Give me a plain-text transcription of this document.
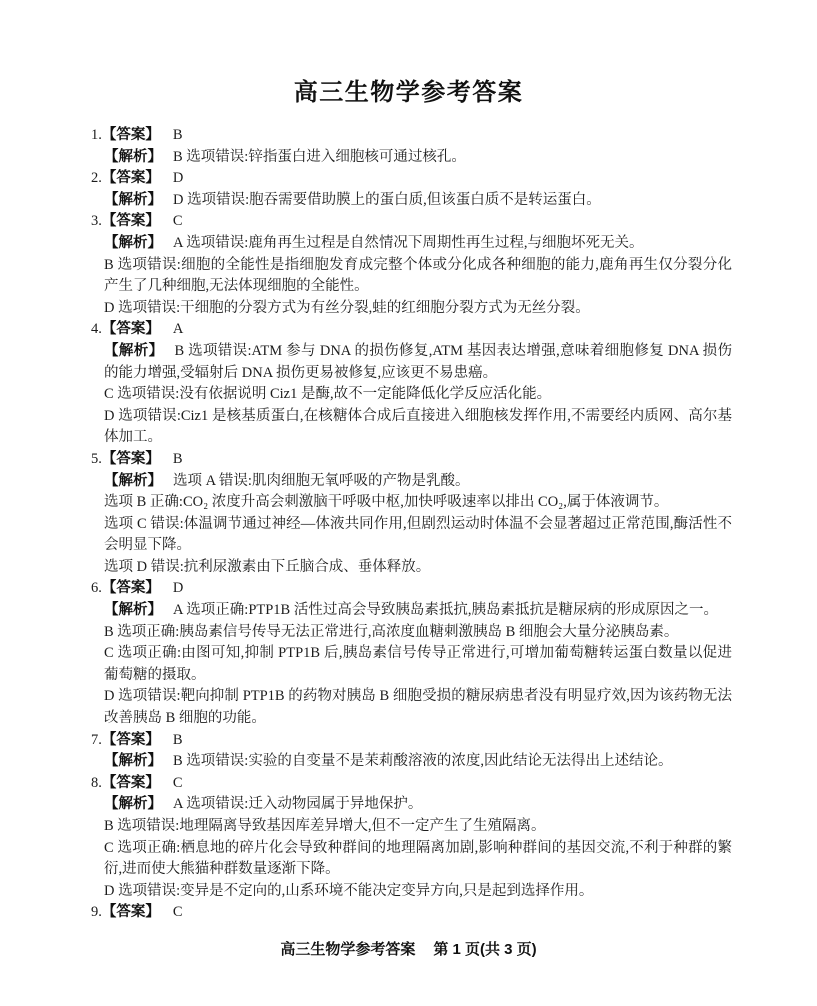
高三生物学参考答案
1.【答案】 B

【解析】 B 选项错误:锌指蛋白进入细胞核可通过核孔。

2.【答案】 D

【解析】 D 选项错误:胞吞需要借助膜上的蛋白质,但该蛋白质不是转运蛋白。

3.【答案】 C

【解析】 A 选项错误:鹿角再生过程是自然情况下周期性再生过程,与细胞坏死无关。

B 选项错误:细胞的全能性是指细胞发育成完整个体或分化成各种细胞的能力,鹿角再生仅分裂分化产生了几种细胞,无法体现细胞的全能性。

D 选项错误:干细胞的分裂方式为有丝分裂,蛙的红细胞分裂方式为无丝分裂。

4.【答案】 A

【解析】 B 选项错误:ATM 参与 DNA 的损伤修复,ATM 基因表达增强,意味着细胞修复 DNA 损伤的能力增强,受辐射后 DNA 损伤更易被修复,应该更不易患癌。

C 选项错误:没有依据说明 Ciz1 是酶,故不一定能降低化学反应活化能。

D 选项错误:Ciz1 是核基质蛋白,在核糖体合成后直接进入细胞核发挥作用,不需要经内质网、高尔基体加工。

5.【答案】 B

【解析】 选项 A 错误:肌肉细胞无氧呼吸的产物是乳酸。

选项 B 正确:CO₂ 浓度升高会刺激脑干呼吸中枢,加快呼吸速率以排出 CO₂,属于体液调节。

选项 C 错误:体温调节通过神经—体液共同作用,但剧烈运动时体温不会显著超过正常范围,酶活性不会明显下降。

选项 D 错误:抗利尿激素由下丘脑合成、垂体释放。

6.【答案】 D

【解析】 A 选项正确:PTP1B 活性过高会导致胰岛素抵抗,胰岛素抵抗是糖尿病的形成原因之一。

B 选项正确:胰岛素信号传导无法正常进行,高浓度血糖刺激胰岛 B 细胞会大量分泌胰岛素。

C 选项正确:由图可知,抑制 PTP1B 后,胰岛素信号传导正常进行,可增加葡萄糖转运蛋白数量以促进葡萄糖的摄取。

D 选项错误:靶向抑制 PTP1B 的药物对胰岛 B 细胞受损的糖尿病患者没有明显疗效,因为该药物无法改善胰岛 B 细胞的功能。

7.【答案】 B

【解析】 B 选项错误:实验的自变量不是茉莉酸溶液的浓度,因此结论无法得出上述结论。

8.【答案】 C

【解析】 A 选项错误:迁入动物园属于异地保护。

B 选项错误:地理隔离导致基因库差异增大,但不一定产生了生殖隔离。

C 选项正确:栖息地的碎片化会导致种群间的地理隔离加剧,影响种群间的基因交流,不利于种群的繁衍,进而使大熊猫种群数量逐渐下降。

D 选项错误:变异是不定向的,山系环境不能决定变异方向,只是起到选择作用。

9.【答案】 C
高三生物学参考答案 第 1 页(共 3 页)
